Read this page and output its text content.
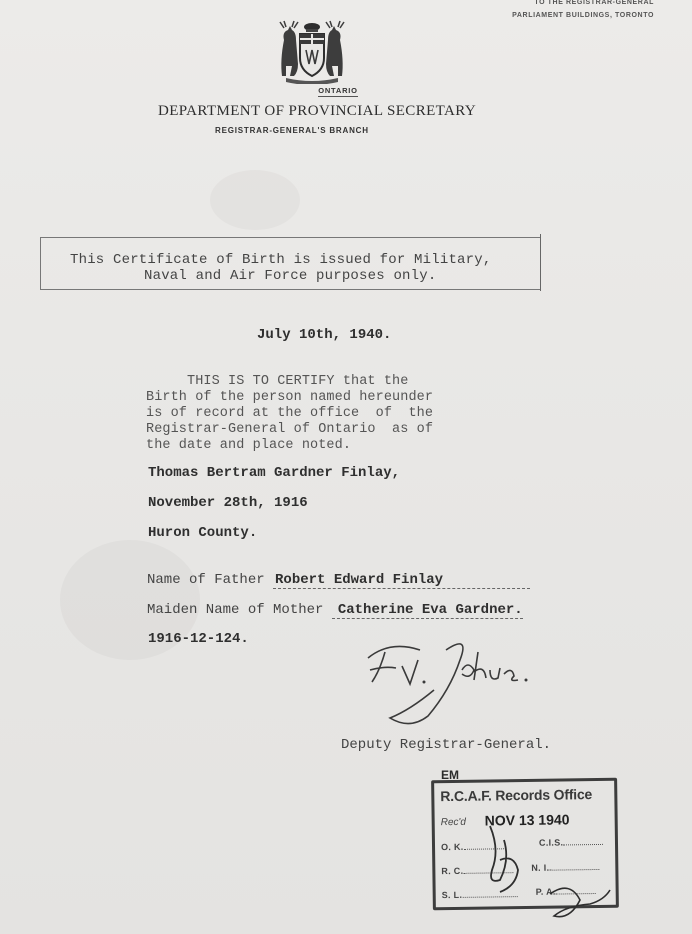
TO THE REGISTRAR-GENERAL
PARLIAMENT BUILDINGS, TORONTO
ONTARIO
DEPARTMENT OF PROVINCIAL SECRETARY
REGISTRAR-GENERAL'S BRANCH
This Certificate of Birth is issued for Military,
Naval and Air Force purposes only.
July 10th, 1940.
THIS IS TO CERTIFY that the
Birth of the person named hereunder
is of record at the office  of  the
Registrar-General of Ontario  as of
the date and place noted.
Thomas Bertram Gardner Finlay,
November 28th, 1916
Huron County.
Name of Father Robert Edward Finlay
Maiden Name of Mother Catherine Eva Gardner.
1916-12-124.
Deputy Registrar-General.
EM
R.C.A.F. Records Office
Rec'd NOV 13 1940
O. K.	C.I.S.
R. C.	N. I.
S. L.	P. A.
